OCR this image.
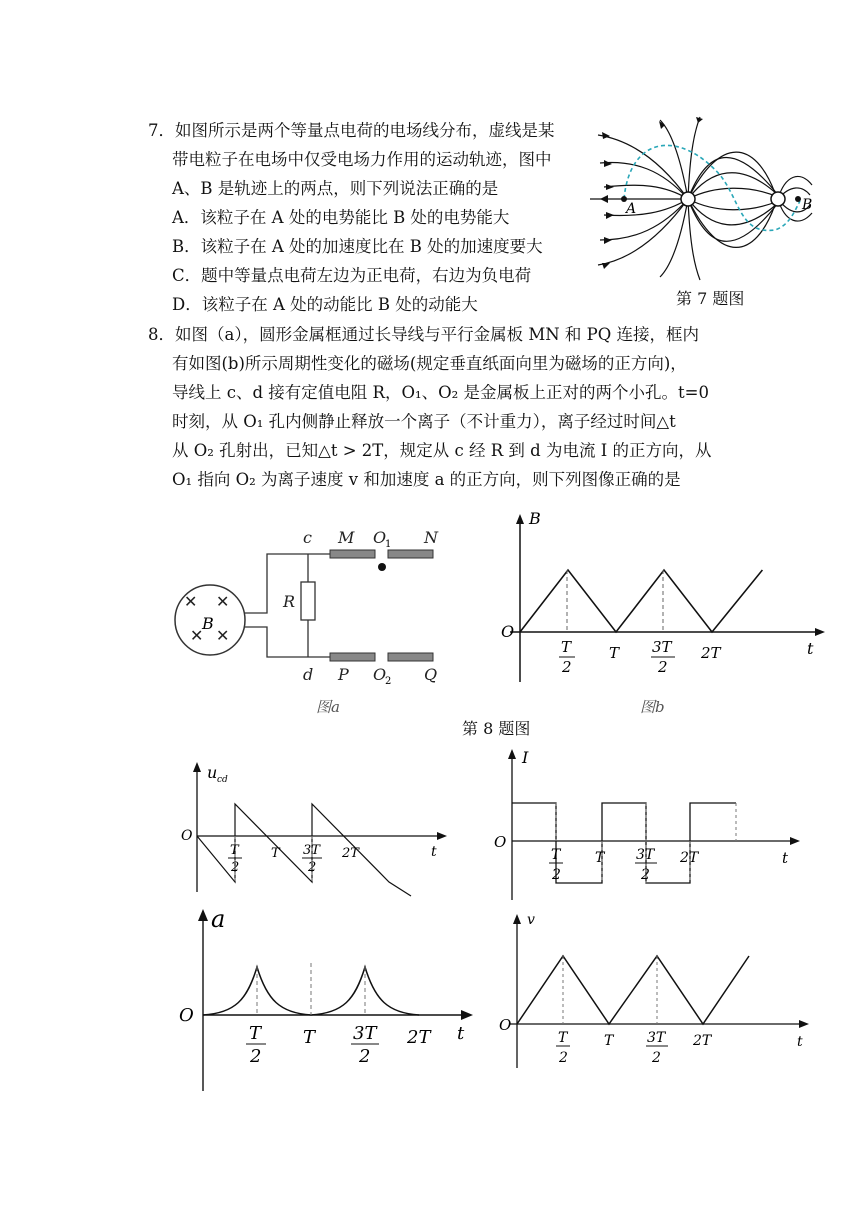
7．如图所示是两个等量点电荷的电场线分布，虚线是某
带电粒子在电场中仅受电场力作用的运动轨迹，图中
A、B 是轨迹上的两点，则下列说法正确的是
A．该粒子在 A 处的电势能比 B 处的电势能大
B．该粒子在 A 处的加速度比在 B 处的加速度要大
C．题中等量点电荷左边为正电荷，右边为负电荷
D．该粒子在 A 处的动能比 B 处的动能大
A	B
第 7 题图
8．如图（a），圆形金属框通过长导线与平行金属板 MN 和 PQ 连接，框内
有如图(b)所示周期性变化的磁场(规定垂直纸面向里为磁场的正方向)，
导线上 c、d 接有定值电阻 R，O₁、O₂ 是金属板上正对的两个小孔。t=0
时刻，从 O₁ 孔内侧静止释放一个离子（不计重力），离子经过时间△t
从 O₂ 孔射出，已知△t > 2T，规定从 c 经 R 到 d 为电流 I 的正方向，从
O₁ 指向 O₂ 为离子速度 v 和加速度 a 的正方向，则下列图像正确的是
✕ ✕
✕ ✕
B
c
d
R
M	N
P	Q
O
O
1
2
图a
B
t
O
T
2
T 3T
2
2T
图b
第 8 题图
u cd
t
O
T
2
T 3T
2
2T
I
t
O
T
2
T 3T
2
2T
a
t
O
T
2
T 3T
2
2T
v
t
O
T
2
T 3T
2
2T
